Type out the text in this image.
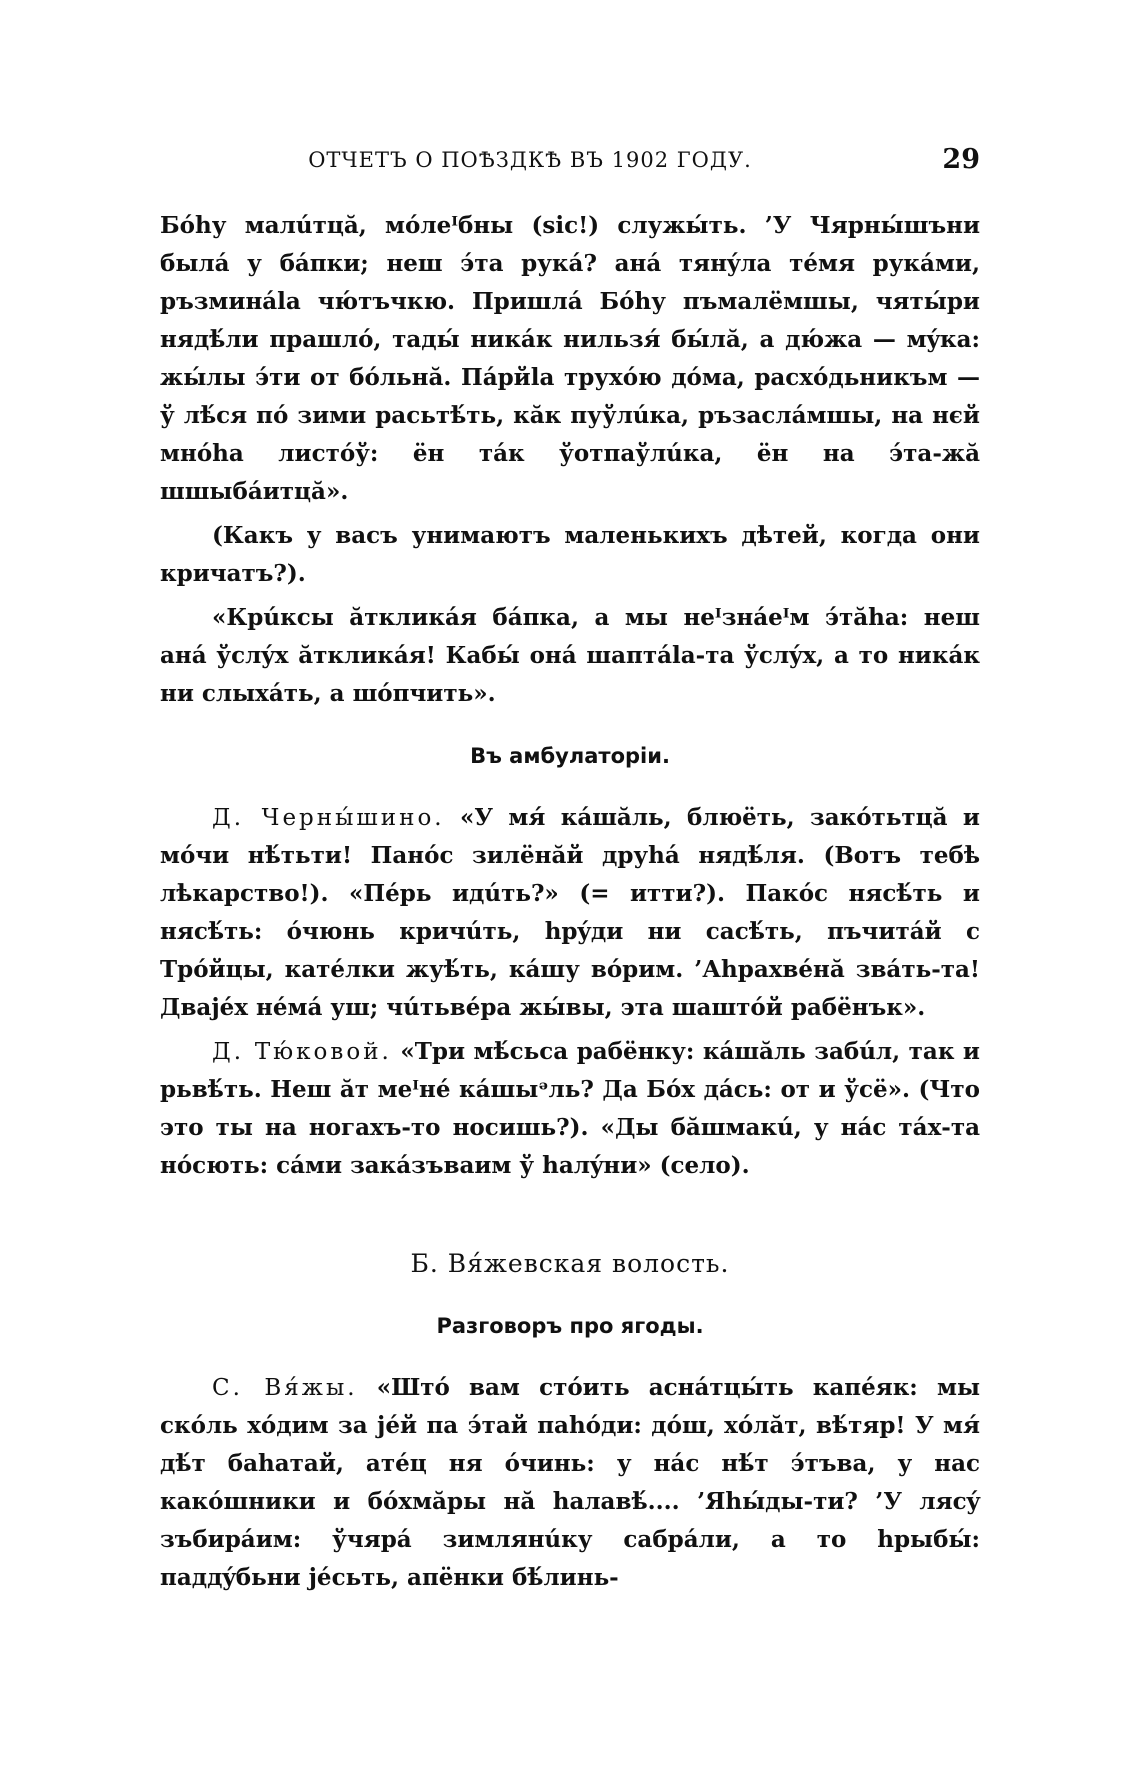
ОТЧЕТЪ О ПОѢЗДКѢ ВЪ 1902 ГОДУ.	29

Бóhу малúтцă, мóлеᴵбны (sic!) служы́ть. ’У Чярны́шъни былá у бáпки; неш э́та рукá? анá тянýла тéмя рукáми, ръзминála чю́тъчкю. Пришлá Бóhу пъмалёмшы, чяты́ри нядѣ́ли прашлó, тады́ никáк нильзя́ бы́лă, а дю́жа — мýка: жы́лы э́ти от бóльнă. Пáрйla трухóю дóма, расхóдьникъм — ў лѣ́ся пó зими расьтѣ́ть, кăк пуўлúка, ръзаслáмшы, на нєй мнóha листóў: ён тáк ўотпаўлúка, ён на э́та-жă шшыбáитцă».

(Какъ у васъ унимаютъ маленькихъ дѣтей, когда они кричатъ?).

«Крúксы ăткликáя бáпка, а мы неᴵзна́еᴵм э́тăhа: неш анá ўслýх ăткликáя! Кабы́ онá шаптála-та ўслýх, а то никáк ни слыхáть, а шóпчить».

Въ амбулаторіи.

Д. Черны́шино. «У мя́ кáшăль, блюёть, закóтьтцă и мóчи нѣ́тьти! Панóс зилёнăй друhá нядѣ́ля. (Вотъ тебѣ лѣкарство!). «Пéрь идúть?» (= итти?). Пакóс нясѣ́ть и нясѣ́ть: óчюнь кричúть, hрýди ни сасѣ́ть, пъчитáй с Трóйцы, катéлки жуѣ́ть, кáшу вóрим. ’Аhрахвéнă звáть-та! Дваjéх нéмá уш; чúтьвéра жы́вы, эта шаштóй рабёнък».

Д. Тю́ковой. «Три мѣ́сьса рабёнку: кáшăль забúл, так и рьвѣ́ть. Неш ăт меᴵнé кáшыᵊль? Да Бóх дáсь: от и ўсё». (Что это ты на ногахъ-то носишь?). «Ды бăшмакú, у нáс тáх-та нóсють: сáми закáзъваим ў hалýни» (село).

Б. Вя́жевская волость.
Разговоръ про ягоды.

С. Вя́жы. «Штó вам стóить аснáтцы́ть капéяк: мы скóль хóдим за jéй па э́тай паhóди: дóш, хóлăт, вѣ́тяр! У мя́ дѣ́т баhатай, атéц ня óчинь: у нáс нѣ́т э́тъва, у нас какóшники и бóхмăры нă hалавѣ́.... ’Яhы́ды-ти? ’У лясý зъбирáим: ўчярá зимлянúку сабрáли, а то hрыбы́: паддýбьни jéсьть, апёнки бѣ́линь-
